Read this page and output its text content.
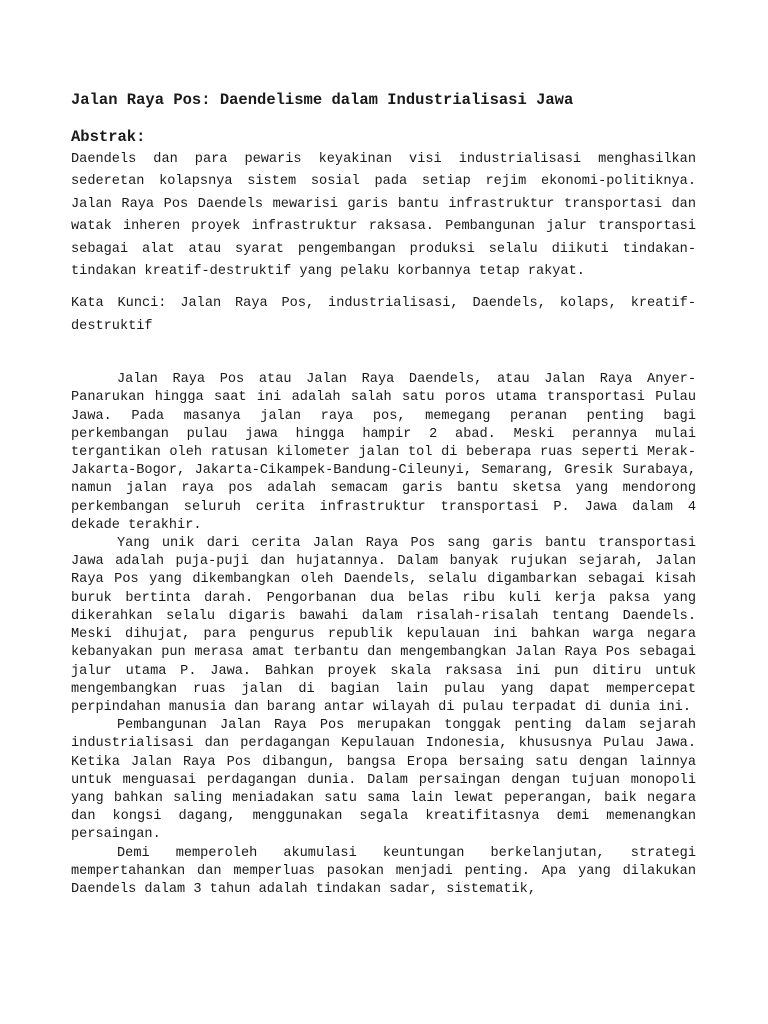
Jalan Raya Pos: Daendelisme dalam Industrialisasi Jawa
Abstrak:

Daendels dan para pewaris keyakinan visi industrialisasi menghasilkan sederetan kolapsnya sistem sosial pada setiap rejim ekonomi-politiknya. Jalan Raya Pos Daendels mewarisi garis bantu infrastruktur transportasi dan watak inheren proyek infrastruktur raksasa. Pembangunan jalur transportasi sebagai alat atau syarat pengembangan produksi selalu diikuti tindakan-tindakan kreatif-destruktif yang pelaku korbannya tetap rakyat.

Kata Kunci: Jalan Raya Pos, industrialisasi, Daendels, kolaps, kreatif-destruktif

Jalan Raya Pos atau Jalan Raya Daendels, atau Jalan Raya Anyer-Panarukan hingga saat ini adalah salah satu poros utama transportasi Pulau Jawa. Pada masanya jalan raya pos, memegang peranan penting bagi perkembangan pulau jawa hingga hampir 2 abad. Meski perannya mulai tergantikan oleh ratusan kilometer jalan tol di beberapa ruas seperti Merak-Jakarta-Bogor, Jakarta-Cikampek-Bandung-Cileunyi, Semarang, Gresik Surabaya, namun jalan raya pos adalah semacam garis bantu sketsa yang mendorong perkembangan seluruh cerita infrastruktur transportasi P. Jawa dalam 4 dekade terakhir.

Yang unik dari cerita Jalan Raya Pos sang garis bantu transportasi Jawa adalah puja-puji dan hujatannya. Dalam banyak rujukan sejarah, Jalan Raya Pos yang dikembangkan oleh Daendels, selalu digambarkan sebagai kisah buruk bertinta darah. Pengorbanan dua belas ribu kuli kerja paksa yang dikerahkan selalu digaris bawahi dalam risalah-risalah tentang Daendels. Meski dihujat, para pengurus republik kepulauan ini bahkan warga negara kebanyakan pun merasa amat terbantu dan mengembangkan Jalan Raya Pos sebagai jalur utama P. Jawa. Bahkan proyek skala raksasa ini pun ditiru untuk mengembangkan ruas jalan di bagian lain pulau yang dapat mempercepat perpindahan manusia dan barang antar wilayah di pulau terpadat di dunia ini.

Pembangunan Jalan Raya Pos merupakan tonggak penting dalam sejarah industrialisasi dan perdagangan Kepulauan Indonesia, khususnya Pulau Jawa. Ketika Jalan Raya Pos dibangun, bangsa Eropa bersaing satu dengan lainnya untuk menguasai perdagangan dunia. Dalam persaingan dengan tujuan monopoli yang bahkan saling meniadakan satu sama lain lewat peperangan, baik negara dan kongsi dagang, menggunakan segala kreatifitasnya demi memenangkan persaingan.

Demi memperoleh akumulasi keuntungan berkelanjutan, strategi mempertahankan dan memperluas pasokan menjadi penting. Apa yang dilakukan Daendels dalam 3 tahun adalah tindakan sadar, sistematik,
